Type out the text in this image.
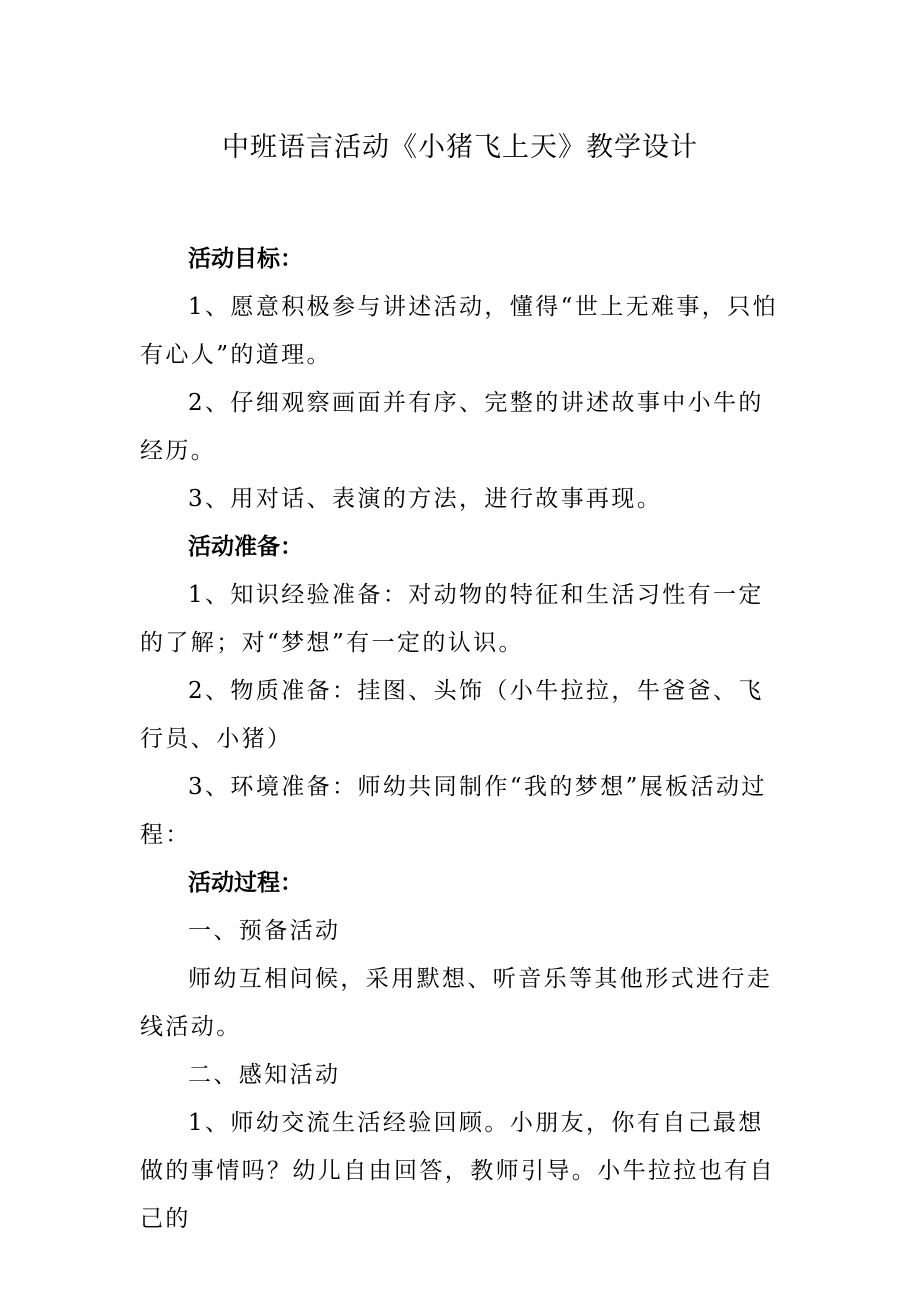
中班语言活动《小猪飞上天》教学设计

活动目标：

1、愿意积极参与讲述活动，懂得“世上无难事，只怕有心人”的道理。

2、仔细观察画面并有序、完整的讲述故事中小牛的经历。

3、用对话、表演的方法，进行故事再现。

活动准备：

1、知识经验准备：对动物的特征和生活习性有一定的了解；对“梦想”有一定的认识。

2、物质准备：挂图、头饰（小牛拉拉，牛爸爸、飞行员、小猪）

3、环境准备：师幼共同制作“我的梦想”展板活动过程：

活动过程：

一、预备活动

师幼互相问候，采用默想、听音乐等其他形式进行走线活动。

二、感知活动

1、师幼交流生活经验回顾。小朋友，你有自己最想做的事情吗？幼儿自由回答，教师引导。小牛拉拉也有自己的
